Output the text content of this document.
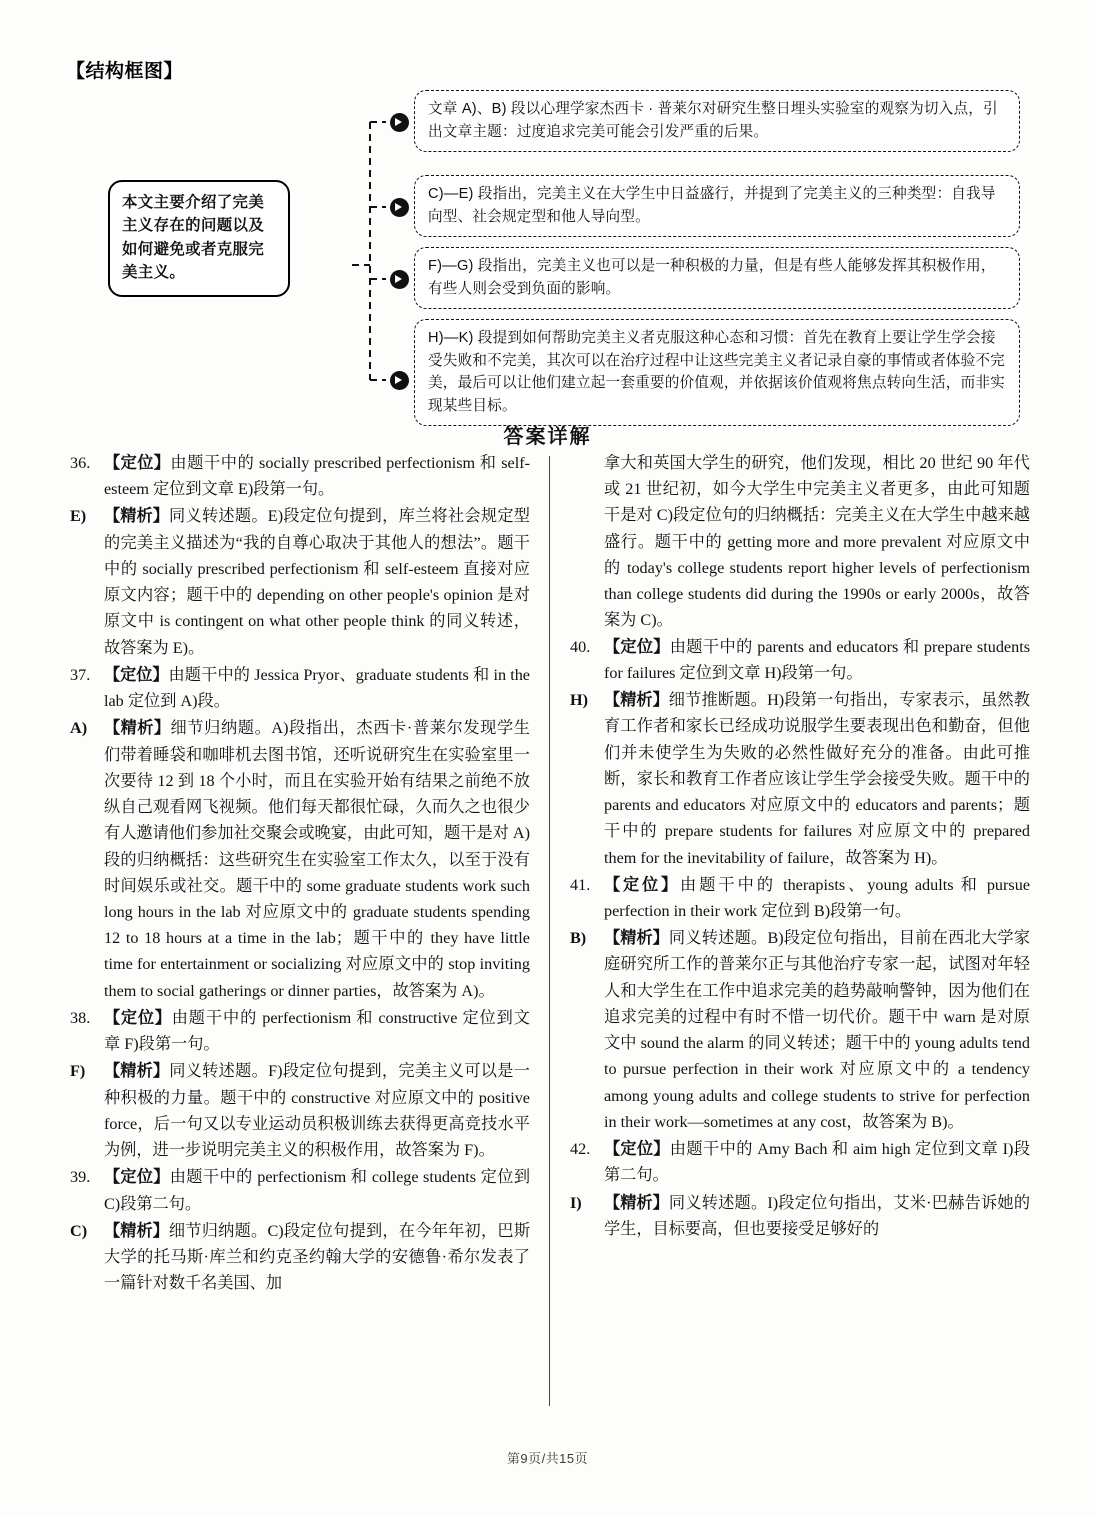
【结构框图】
本文主要介绍了完美主义存在的问题以及如何避免或者克服完美主义。
文章 A)、B) 段以心理学家杰西卡 · 普莱尔对研究生整日埋头实验室的观察为切入点，引出文章主题：过度追求完美可能会引发严重的后果。
C)—E) 段指出，完美主义在大学生中日益盛行，并提到了完美主义的三种类型：自我导向型、社会规定型和他人导向型。
F)—G) 段指出，完美主义也可以是一种积极的力量，但是有些人能够发挥其积极作用，有些人则会受到负面的影响。
H)—K) 段提到如何帮助完美主义者克服这种心态和习惯：首先在教育上要让学生学会接受失败和不完美，其次可以在治疗过程中让这些完美主义者记录自豪的事情或者体验不完美，最后可以让他们建立起一套重要的价值观，并依据该价值观将焦点转向生活，而非实现某些目标。
答案详解
36. 【定位】由题干中的 socially prescribed perfectionism 和 self-esteem 定位到文章 E)段第一句。
E)	【精析】同义转述题。E)段定位句提到，库兰将社会规定型的完美主义描述为“我的自尊心取决于其他人的想法”。题干中的 socially prescribed perfectionism 和 self-esteem 直接对应原文内容；题干中的 depending on other people's opinion 是对原文中 is contingent on what other people think 的同义转述，故答案为 E)。
37. 【定位】由题干中的 Jessica Pryor、graduate students 和 in the lab 定位到 A)段。
A)	【精析】细节归纳题。A)段指出，杰西卡·普莱尔发现学生们带着睡袋和咖啡机去图书馆，还听说研究生在实验室里一次要待 12 到 18 个小时，而且在实验开始有结果之前绝不放纵自己观看网飞视频。他们每天都很忙碌，久而久之也很少有人邀请他们参加社交聚会或晚宴，由此可知，题干是对 A)段的归纳概括：这些研究生在实验室工作太久，以至于没有时间娱乐或社交。题干中的 some graduate students work such long hours in the lab 对应原文中的 graduate students spending 12 to 18 hours at a time in the lab；题干中的 they have little time for entertainment or socializing 对应原文中的 stop inviting them to social gatherings or dinner parties，故答案为 A)。
38. 【定位】由题干中的 perfectionism 和 constructive 定位到文章 F)段第一句。
F)	【精析】同义转述题。F)段定位句提到，完美主义可以是一种积极的力量。题干中的 constructive 对应原文中的 positive force，后一句又以专业运动员积极训练去获得更高竞技水平为例，进一步说明完美主义的积极作用，故答案为 F)。
39. 【定位】由题干中的 perfectionism 和 college students 定位到 C)段第二句。
C)	【精析】细节归纳题。C)段定位句提到，在今年年初，巴斯大学的托马斯·库兰和约克圣约翰大学的安德鲁·希尔发表了一篇针对数千名美国、加
拿大和英国大学生的研究，他们发现，相比 20 世纪 90 年代或 21 世纪初，如今大学生中完美主义者更多，由此可知题干是对 C)段定位句的归纳概括：完美主义在大学生中越来越盛行。题干中的 getting more and more prevalent 对应原文中的 today's college students report higher levels of perfectionism than college students did during the 1990s or early 2000s，故答案为 C)。
40. 【定位】由题干中的 parents and educators 和 prepare students for failures 定位到文章 H)段第一句。
H) 【精析】细节推断题。H)段第一句指出，专家表示，虽然教育工作者和家长已经成功说服学生要表现出色和勤奋，但他们并未使学生为失败的必然性做好充分的准备。由此可推断，家长和教育工作者应该让学生学会接受失败。题干中的 parents and educators 对应原文中的 educators and parents；题干中的 prepare students for failures 对应原文中的 prepared them for the inevitability of failure，故答案为 H)。
41. 【定位】由题干中的 therapists、young adults 和 pursue perfection in their work 定位到 B)段第一句。
B)	【精析】同义转述题。B)段定位句指出，目前在西北大学家庭研究所工作的普莱尔正与其他治疗专家一起，试图对年轻人和大学生在工作中追求完美的趋势敲响警钟，因为他们在追求完美的过程中有时不惜一切代价。题干中 warn 是对原文中 sound the alarm 的同义转述；题干中的 young adults tend to pursue perfection in their work 对应原文中的 a tendency among young adults and college students to strive for perfection in their work—sometimes at any cost，故答案为 B)。
42. 【定位】由题干中的 Amy Bach 和 aim high 定位到文章 I)段第二句。
I)	【精析】同义转述题。I)段定位句指出，艾米·巴赫告诉她的学生，目标要高，但也要接受足够好的
第9页/共15页
